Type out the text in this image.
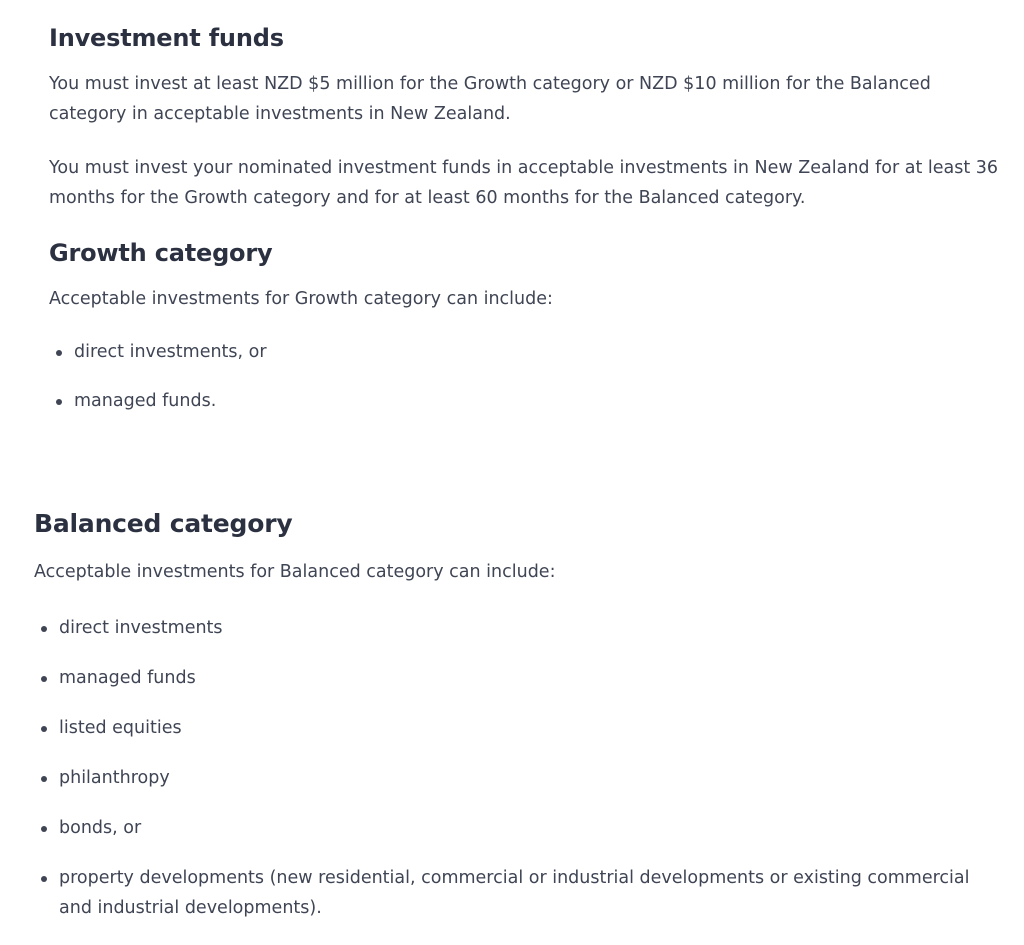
Investment funds

You must invest at least NZD $5 million for the Growth category or NZD $10 million for the Balanced category in acceptable investments in New Zealand.

You must invest your nominated investment funds in acceptable investments in New Zealand for at least 36 months for the Growth category and for at least 60 months for the Balanced category.

Growth category

Acceptable investments for Growth category can include:

direct investments, or
managed funds.
Balanced category

Acceptable investments for Balanced category can include:

direct investments
managed funds
listed equities
philanthropy
bonds, or
property developments (new residential, commercial or industrial developments or existing commercial and industrial developments).
